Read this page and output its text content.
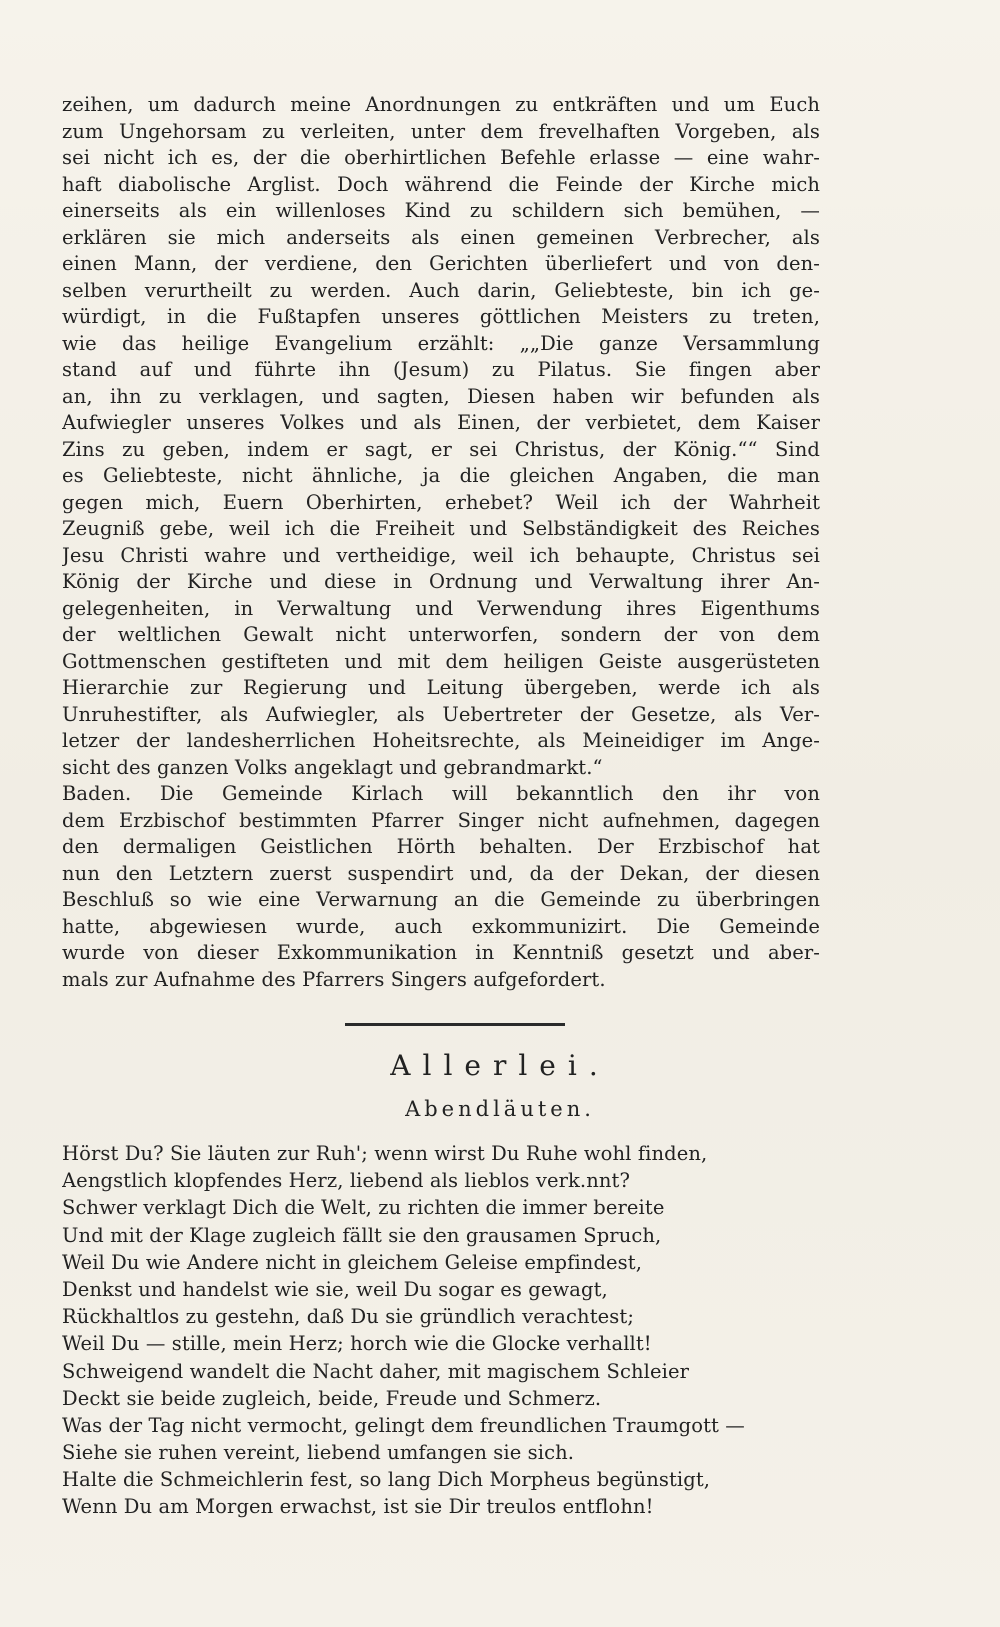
zeihen, um dadurch meine Anordnungen zu entkräften und um Euch
zum Ungehorsam zu verleiten, unter dem frevelhaften Vorgeben, als
sei nicht ich es, der die oberhirtlichen Befehle erlasse — eine wahr-
haft diabolische Arglist. Doch während die Feinde der Kirche mich
einerseits als ein willenloses Kind zu schildern sich bemühen, —
erklären sie mich anderseits als einen gemeinen Verbrecher, als
einen Mann, der verdiene, den Gerichten überliefert und von den-
selben verurtheilt zu werden. Auch darin, Geliebteste, bin ich ge-
würdigt, in die Fußtapfen unseres göttlichen Meisters zu treten,
wie das heilige Evangelium erzählt: „„Die ganze Versammlung
stand auf und führte ihn (Jesum) zu Pilatus. Sie fingen aber
an, ihn zu verklagen, und sagten, Diesen haben wir befunden als
Aufwiegler unseres Volkes und als Einen, der verbietet, dem Kaiser
Zins zu geben, indem er sagt, er sei Christus, der König.““ Sind
es Geliebteste, nicht ähnliche, ja die gleichen Angaben, die man
gegen mich, Euern Oberhirten, erhebet? Weil ich der Wahrheit
Zeugniß gebe, weil ich die Freiheit und Selbständigkeit des Reiches
Jesu Christi wahre und vertheidige, weil ich behaupte, Christus sei
König der Kirche und diese in Ordnung und Verwaltung ihrer An-
gelegenheiten, in Verwaltung und Verwendung ihres Eigenthums
der weltlichen Gewalt nicht unterworfen, sondern der von dem
Gottmenschen gestifteten und mit dem heiligen Geiste ausgerüsteten
Hierarchie zur Regierung und Leitung übergeben, werde ich als
Unruhestifter, als Aufwiegler, als Uebertreter der Gesetze, als Ver-
letzer der landesherrlichen Hoheitsrechte, als Meineidiger im Ange-
sicht des ganzen Volks angeklagt und gebrandmarkt.“
Baden. Die Gemeinde Kirlach will bekanntlich den ihr von
dem Erzbischof bestimmten Pfarrer Singer nicht aufnehmen, dagegen
den dermaligen Geistlichen Hörth behalten. Der Erzbischof hat
nun den Letztern zuerst suspendirt und, da der Dekan, der diesen
Beschluß so wie eine Verwarnung an die Gemeinde zu überbringen
hatte, abgewiesen wurde, auch exkommunizirt. Die Gemeinde
wurde von dieser Exkommunikation in Kenntniß gesetzt und aber-
mals zur Aufnahme des Pfarrers Singers aufgefordert.
Allerlei.
Abendläuten.
Hörst Du? Sie läuten zur Ruh'; wenn wirst Du Ruhe wohl finden,
Aengstlich klopfendes Herz, liebend als lieblos verk.nnt?
Schwer verklagt Dich die Welt, zu richten die immer bereite
Und mit der Klage zugleich fällt sie den grausamen Spruch,
Weil Du wie Andere nicht in gleichem Geleise empfindest,
Denkst und handelst wie sie, weil Du sogar es gewagt,
Rückhaltlos zu gestehn, daß Du sie gründlich verachtest;
Weil Du — stille, mein Herz; horch wie die Glocke verhallt!
Schweigend wandelt die Nacht daher, mit magischem Schleier
Deckt sie beide zugleich, beide, Freude und Schmerz.
Was der Tag nicht vermocht, gelingt dem freundlichen Traumgott —
Siehe sie ruhen vereint, liebend umfangen sie sich.
Halte die Schmeichlerin fest, so lang Dich Morpheus begünstigt,
Wenn Du am Morgen erwachst, ist sie Dir treulos entflohn!
